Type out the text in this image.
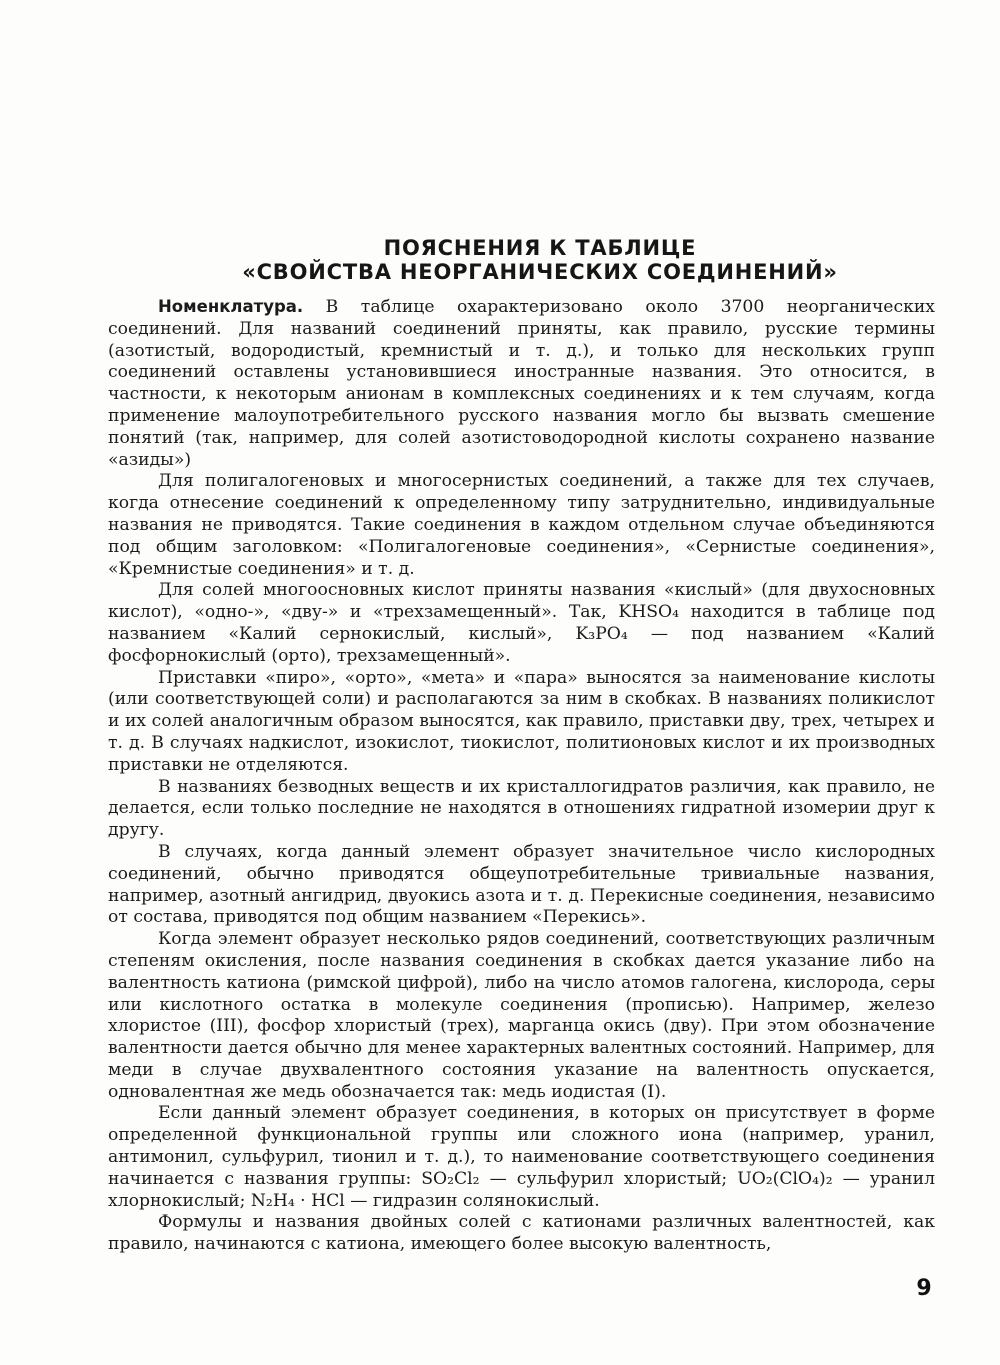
ПОЯСНЕНИЯ К ТАБЛИЦЕ
«СВОЙСТВА НЕОРГАНИЧЕСКИХ СОЕДИНЕНИЙ»

Номенклатура. В таблице охарактеризовано около 3700 неорганических соединений. Для названий соединений приняты, как правило, русские термины (азотистый, водородистый, кремнистый и т. д.), и только для нескольких групп соединений оставлены установившиеся иностранные названия. Это относится, в частности, к некоторым анионам в комплексных соединениях и к тем случаям, когда применение малоупотребительного русского названия могло бы вызвать смешение понятий (так, например, для солей азотистоводородной кислоты сохранено название «азиды»)

Для полигалогеновых и многосернистых соединений, а также для тех случаев, когда отнесение соединений к определенному типу затруднительно, индивидуальные названия не приводятся. Такие соединения в каждом отдельном случае объединяются под общим заголовком: «Полигалогеновые соединения», «Сернистые соединения», «Кремнистые соединения» и т. д.

Для солей многоосновных кислот приняты названия «кислый» (для двухосновных кислот), «одно-», «дву-» и «трехзамещенный». Так, KHSO₄ находится в таблице под названием «Калий сернокислый, кислый», K₃PO₄ — под названием «Калий фосфорнокислый (орто), трехзамещенный».

Приставки «пиро», «орто», «мета» и «пара» выносятся за наименование кислоты (или соответствующей соли) и располагаются за ним в скобках. В названиях поликислот и их солей аналогичным образом выносятся, как правило, приставки дву, трех, четырех и т. д. В случаях надкислот, изокислот, тиокислот, политионовых кислот и их производных приставки не отделяются.

В названиях безводных веществ и их кристаллогидратов различия, как правило, не делается, если только последние не находятся в отношениях гидратной изомерии друг к другу.

В случаях, когда данный элемент образует значительное число кислородных соединений, обычно приводятся общеупотребительные тривиальные названия, например, азотный ангидрид, двуокись азота и т. д. Перекисные соединения, независимо от состава, приводятся под общим названием «Перекись».

Когда элемент образует несколько рядов соединений, соответствующих различным степеням окисления, после названия соединения в скобках дается указание либо на валентность катиона (римской цифрой), либо на число атомов галогена, кислорода, серы или кислотного остатка в молекуле соединения (прописью). Например, железо хлористое (III), фосфор хлористый (трех), марганца окись (дву). При этом обозначение валентности дается обычно для менее характерных валентных состояний. Например, для меди в случае двухвалентного состояния указание на валентность опускается, одновалентная же медь обозначается так: медь иодистая (I).

Если данный элемент образует соединения, в которых он присутствует в форме определенной функциональной группы или сложного иона (например, уранил, антимонил, сульфурил, тионил и т. д.), то наименование соответствующего соединения начинается с названия группы: SO₂Cl₂ — сульфурил хлористый; UO₂(ClO₄)₂ — уранил хлорнокислый; N₂H₄ · HCl — гидразин солянокислый.

Формулы и названия двойных солей с катионами различных валентностей, как правило, начинаются с катиона, имеющего более высокую валентность,

9
